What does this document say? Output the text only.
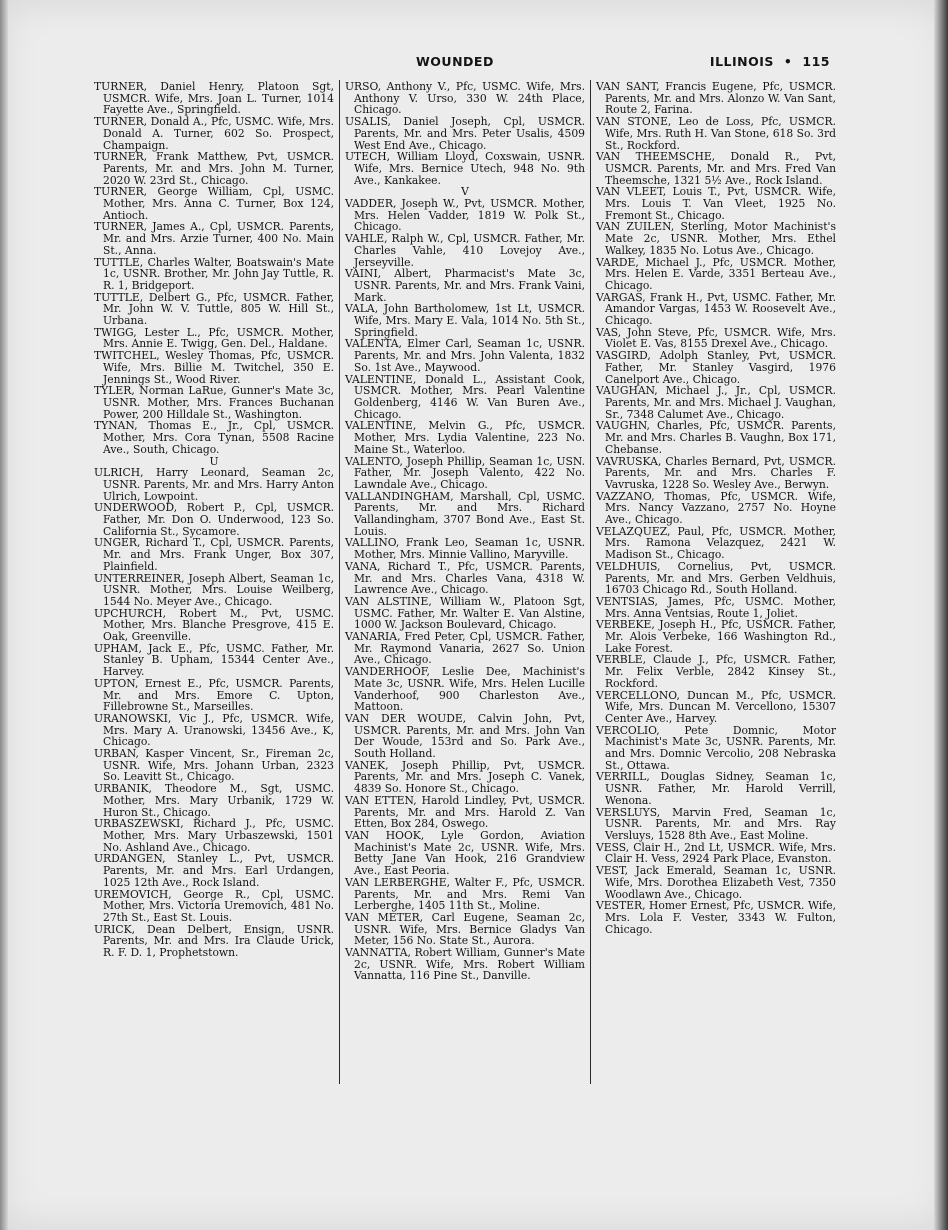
WOUNDED	ILLINOIS • 115

TURNER, Daniel Henry, Platoon Sgt, USMCR. Wife, Mrs. Joan L. Turner, 1014 Fayette Ave., Springfield.

TURNER, Donald A., Pfc, USMC. Wife, Mrs. Donald A. Turner, 602 So. Prospect, Champaign.

TURNER, Frank Matthew, Pvt, USMCR. Parents, Mr. and Mrs. John M. Turner, 2020 W. 23rd St., Chicago.

TURNER, George William, Cpl, USMC. Mother, Mrs. Anna C. Turner, Box 124, Antioch.

TURNER, James A., Cpl, USMCR. Parents, Mr. and Mrs. Arzie Turner, 400 No. Main St., Anna.

TUTTLE, Charles Walter, Boatswain's Mate 1c, USNR. Brother, Mr. John Jay Tuttle, R. R. 1, Bridgeport.

TUTTLE, Delbert G., Pfc, USMCR. Father, Mr. John W. V. Tuttle, 805 W. Hill St., Urbana.

TWIGG, Lester L., Pfc, USMCR. Mother, Mrs. Annie E. Twigg, Gen. Del., Haldane.

TWITCHEL, Wesley Thomas, Pfc, USMCR. Wife, Mrs. Billie M. Twitchel, 350 E. Jennings St., Wood River.

TYLER, Norman LaRue, Gunner's Mate 3c, USNR. Mother, Mrs. Frances Buchanan Power, 200 Hilldale St., Washington.

TYNAN, Thomas E., Jr., Cpl, USMCR. Mother, Mrs. Cora Tynan, 5508 Racine Ave., South, Chicago.

U

ULRICH, Harry Leonard, Seaman 2c, USNR. Parents, Mr. and Mrs. Harry Anton Ulrich, Lowpoint.

UNDERWOOD, Robert P., Cpl, USMCR. Father, Mr. Don O. Underwood, 123 So. California St., Sycamore.

UNGER, Richard T., Cpl, USMCR. Parents, Mr. and Mrs. Frank Unger, Box 307, Plainfield.

UNTERREINER, Joseph Albert, Seaman 1c, USNR. Mother, Mrs. Louise Weilberg, 1544 No. Meyer Ave., Chicago.

UPCHURCH, Robert M., Pvt, USMC. Mother, Mrs. Blanche Presgrove, 415 E. Oak, Greenville.

UPHAM, Jack E., Pfc, USMC. Father, Mr. Stanley B. Upham, 15344 Center Ave., Harvey.

UPTON, Ernest E., Pfc, USMCR. Parents, Mr. and Mrs. Emore C. Upton, Fillebrowne St., Marseilles.

URANOWSKI, Vic J., Pfc, USMCR. Wife, Mrs. Mary A. Uranowski, 13456 Ave., K, Chicago.

URBAN, Kasper Vincent, Sr., Fireman 2c, USNR. Wife, Mrs. Johann Urban, 2323 So. Leavitt St., Chicago.

URBANIK, Theodore M., Sgt, USMC. Mother, Mrs. Mary Urbanik, 1729 W. Huron St., Chicago.

URBASZEWSKI, Richard J., Pfc, USMC. Mother, Mrs. Mary Urbaszewski, 1501 No. Ashland Ave., Chicago.

URDANGEN, Stanley L., Pvt, USMCR. Parents, Mr. and Mrs. Earl Urdangen, 1025 12th Ave., Rock Island.

UREMOVICH, George R., Cpl, USMC. Mother, Mrs. Victoria Uremovich, 481 No. 27th St., East St. Louis.

URICK, Dean Delbert, Ensign, USNR. Parents, Mr. and Mrs. Ira Claude Urick, R. F. D. 1, Prophetstown.

URSO, Anthony V., Pfc, USMC. Wife, Mrs. Anthony V. Urso, 330 W. 24th Place, Chicago.

USALIS, Daniel Joseph, Cpl, USMCR. Parents, Mr. and Mrs. Peter Usalis, 4509 West End Ave., Chicago.

UTECH, William Lloyd, Coxswain, USNR. Wife, Mrs. Bernice Utech, 948 No. 9th Ave., Kankakee.

V

VADDER, Joseph W., Pvt, USMCR. Mother, Mrs. Helen Vadder, 1819 W. Polk St., Chicago.

VAHLE, Ralph W., Cpl, USMCR. Father, Mr. Charles Vahle, 410 Lovejoy Ave., Jerseyville.

VAINI, Albert, Pharmacist's Mate 3c, USNR. Parents, Mr. and Mrs. Frank Vaini, Mark.

VALA, John Bartholomew, 1st Lt, USMCR. Wife, Mrs. Mary E. Vala, 1014 No. 5th St., Springfield.

VALENTA, Elmer Carl, Seaman 1c, USNR. Parents, Mr. and Mrs. John Valenta, 1832 So. 1st Ave., Maywood.

VALENTINE, Donald L., Assistant Cook, USMCR. Mother, Mrs. Pearl Valentine Goldenberg, 4146 W. Van Buren Ave., Chicago.

VALENTINE, Melvin G., Pfc, USMCR. Mother, Mrs. Lydia Valentine, 223 No. Maine St., Waterloo.

VALENTO, Joseph Phillip, Seaman 1c, USN. Father, Mr. Joseph Valento, 422 No. Lawndale Ave., Chicago.

VALLANDINGHAM, Marshall, Cpl, USMC. Parents, Mr. and Mrs. Richard Vallandingham, 3707 Bond Ave., East St. Louis.

VALLINO, Frank Leo, Seaman 1c, USNR. Mother, Mrs. Minnie Vallino, Maryville.

VANA, Richard T., Pfc, USMCR. Parents, Mr. and Mrs. Charles Vana, 4318 W. Lawrence Ave., Chicago.

VAN ALSTINE, William W., Platoon Sgt, USMC. Father, Mr. Walter E. Van Alstine, 1000 W. Jackson Boulevard, Chicago.

VANARIA, Fred Peter, Cpl, USMCR. Father, Mr. Raymond Vanaria, 2627 So. Union Ave., Chicago.

VANDERHOOF, Leslie Dee, Machinist's Mate 3c, USNR. Wife, Mrs. Helen Lucille Vanderhoof, 900 Charleston Ave., Mattoon.

VAN DER WOUDE, Calvin John, Pvt, USMCR. Parents, Mr. and Mrs. John Van Der Woude, 153rd and So. Park Ave., South Holland.

VANEK, Joseph Phillip, Pvt, USMCR. Parents, Mr. and Mrs. Joseph C. Vanek, 4839 So. Honore St., Chicago.

VAN ETTEN, Harold Lindley, Pvt, USMCR. Parents, Mr. and Mrs. Harold Z. Van Etten, Box 284, Oswego.

VAN HOOK, Lyle Gordon, Aviation Machinist's Mate 2c, USNR. Wife, Mrs. Betty Jane Van Hook, 216 Grandview Ave., East Peoria.

VAN LERBERGHE, Walter F., Pfc, USMCR. Parents, Mr. and Mrs. Remi Van Lerberghe, 1405 11th St., Moline.

VAN METER, Carl Eugene, Seaman 2c, USNR. Wife, Mrs. Bernice Gladys Van Meter, 156 No. State St., Aurora.

VANNATTA, Robert William, Gunner's Mate 2c, USNR. Wife, Mrs. Robert William Vannatta, 116 Pine St., Danville.

VAN SANT, Francis Eugene, Pfc, USMCR. Parents, Mr. and Mrs. Alonzo W. Van Sant, Route 2, Farina.

VAN STONE, Leo de Loss, Pfc, USMCR. Wife, Mrs. Ruth H. Van Stone, 618 So. 3rd St., Rockford.

VAN THEEMSCHE, Donald R., Pvt, USMCR. Parents, Mr. and Mrs. Fred Van Theemsche, 1321 5½ Ave., Rock Island.

VAN VLEET, Louis T., Pvt, USMCR. Wife, Mrs. Louis T. Van Vleet, 1925 No. Fremont St., Chicago.

VAN ZUILEN, Sterling, Motor Machinist's Mate 2c, USNR. Mother, Mrs. Ethel Walkey, 1835 No. Lotus Ave., Chicago.

VARDE, Michael J., Pfc, USMCR. Mother, Mrs. Helen E. Varde, 3351 Berteau Ave., Chicago.

VARGAS, Frank H., Pvt, USMC. Father, Mr. Amandor Vargas, 1453 W. Roosevelt Ave., Chicago.

VAS, John Steve, Pfc, USMCR. Wife, Mrs. Violet E. Vas, 8155 Drexel Ave., Chicago.

VASGIRD, Adolph Stanley, Pvt, USMCR. Father, Mr. Stanley Vasgird, 1976 Canelport Ave., Chicago.

VAUGHAN, Michael J., Jr., Cpl, USMCR. Parents, Mr. and Mrs. Michael J. Vaughan, Sr., 7348 Calumet Ave., Chicago.

VAUGHN, Charles, Pfc, USMCR. Parents, Mr. and Mrs. Charles B. Vaughn, Box 171, Chebanse.

VAVRUSKA, Charles Bernard, Pvt, USMCR. Parents, Mr. and Mrs. Charles F. Vavruska, 1228 So. Wesley Ave., Berwyn.

VAZZANO, Thomas, Pfc, USMCR. Wife, Mrs. Nancy Vazzano, 2757 No. Hoyne Ave., Chicago.

VELAZQUEZ, Paul, Pfc, USMCR. Mother, Mrs. Ramona Velazquez, 2421 W. Madison St., Chicago.

VELDHUIS, Cornelius, Pvt, USMCR. Parents, Mr. and Mrs. Gerben Veldhuis, 16703 Chicago Rd., South Holland.

VENTSIAS, James, Pfc, USMC. Mother, Mrs. Anna Ventsias, Route 1, Joliet.

VERBEKE, Joseph H., Pfc, USMCR. Father, Mr. Alois Verbeke, 166 Washington Rd., Lake Forest.

VERBLE, Claude J., Pfc, USMCR. Father, Mr. Felix Verble, 2842 Kinsey St., Rockford.

VERCELLONO, Duncan M., Pfc, USMCR. Wife, Mrs. Duncan M. Vercellono, 15307 Center Ave., Harvey.

VERCOLIO, Pete Domnic, Motor Machinist's Mate 3c, USNR. Parents, Mr. and Mrs. Domnic Vercolio, 208 Nebraska St., Ottawa.

VERRILL, Douglas Sidney, Seaman 1c, USNR. Father, Mr. Harold Verrill, Wenona.

VERSLUYS, Marvin Fred, Seaman 1c, USNR. Parents, Mr. and Mrs. Ray Versluys, 1528 8th Ave., East Moline.

VESS, Clair H., 2nd Lt, USMCR. Wife, Mrs. Clair H. Vess, 2924 Park Place, Evanston.

VEST, Jack Emerald, Seaman 1c, USNR. Wife, Mrs. Dorothea Elizabeth Vest, 7350 Woodlawn Ave., Chicago.

VESTER, Homer Ernest, Pfc, USMCR. Wife, Mrs. Lola F. Vester, 3343 W. Fulton, Chicago.
